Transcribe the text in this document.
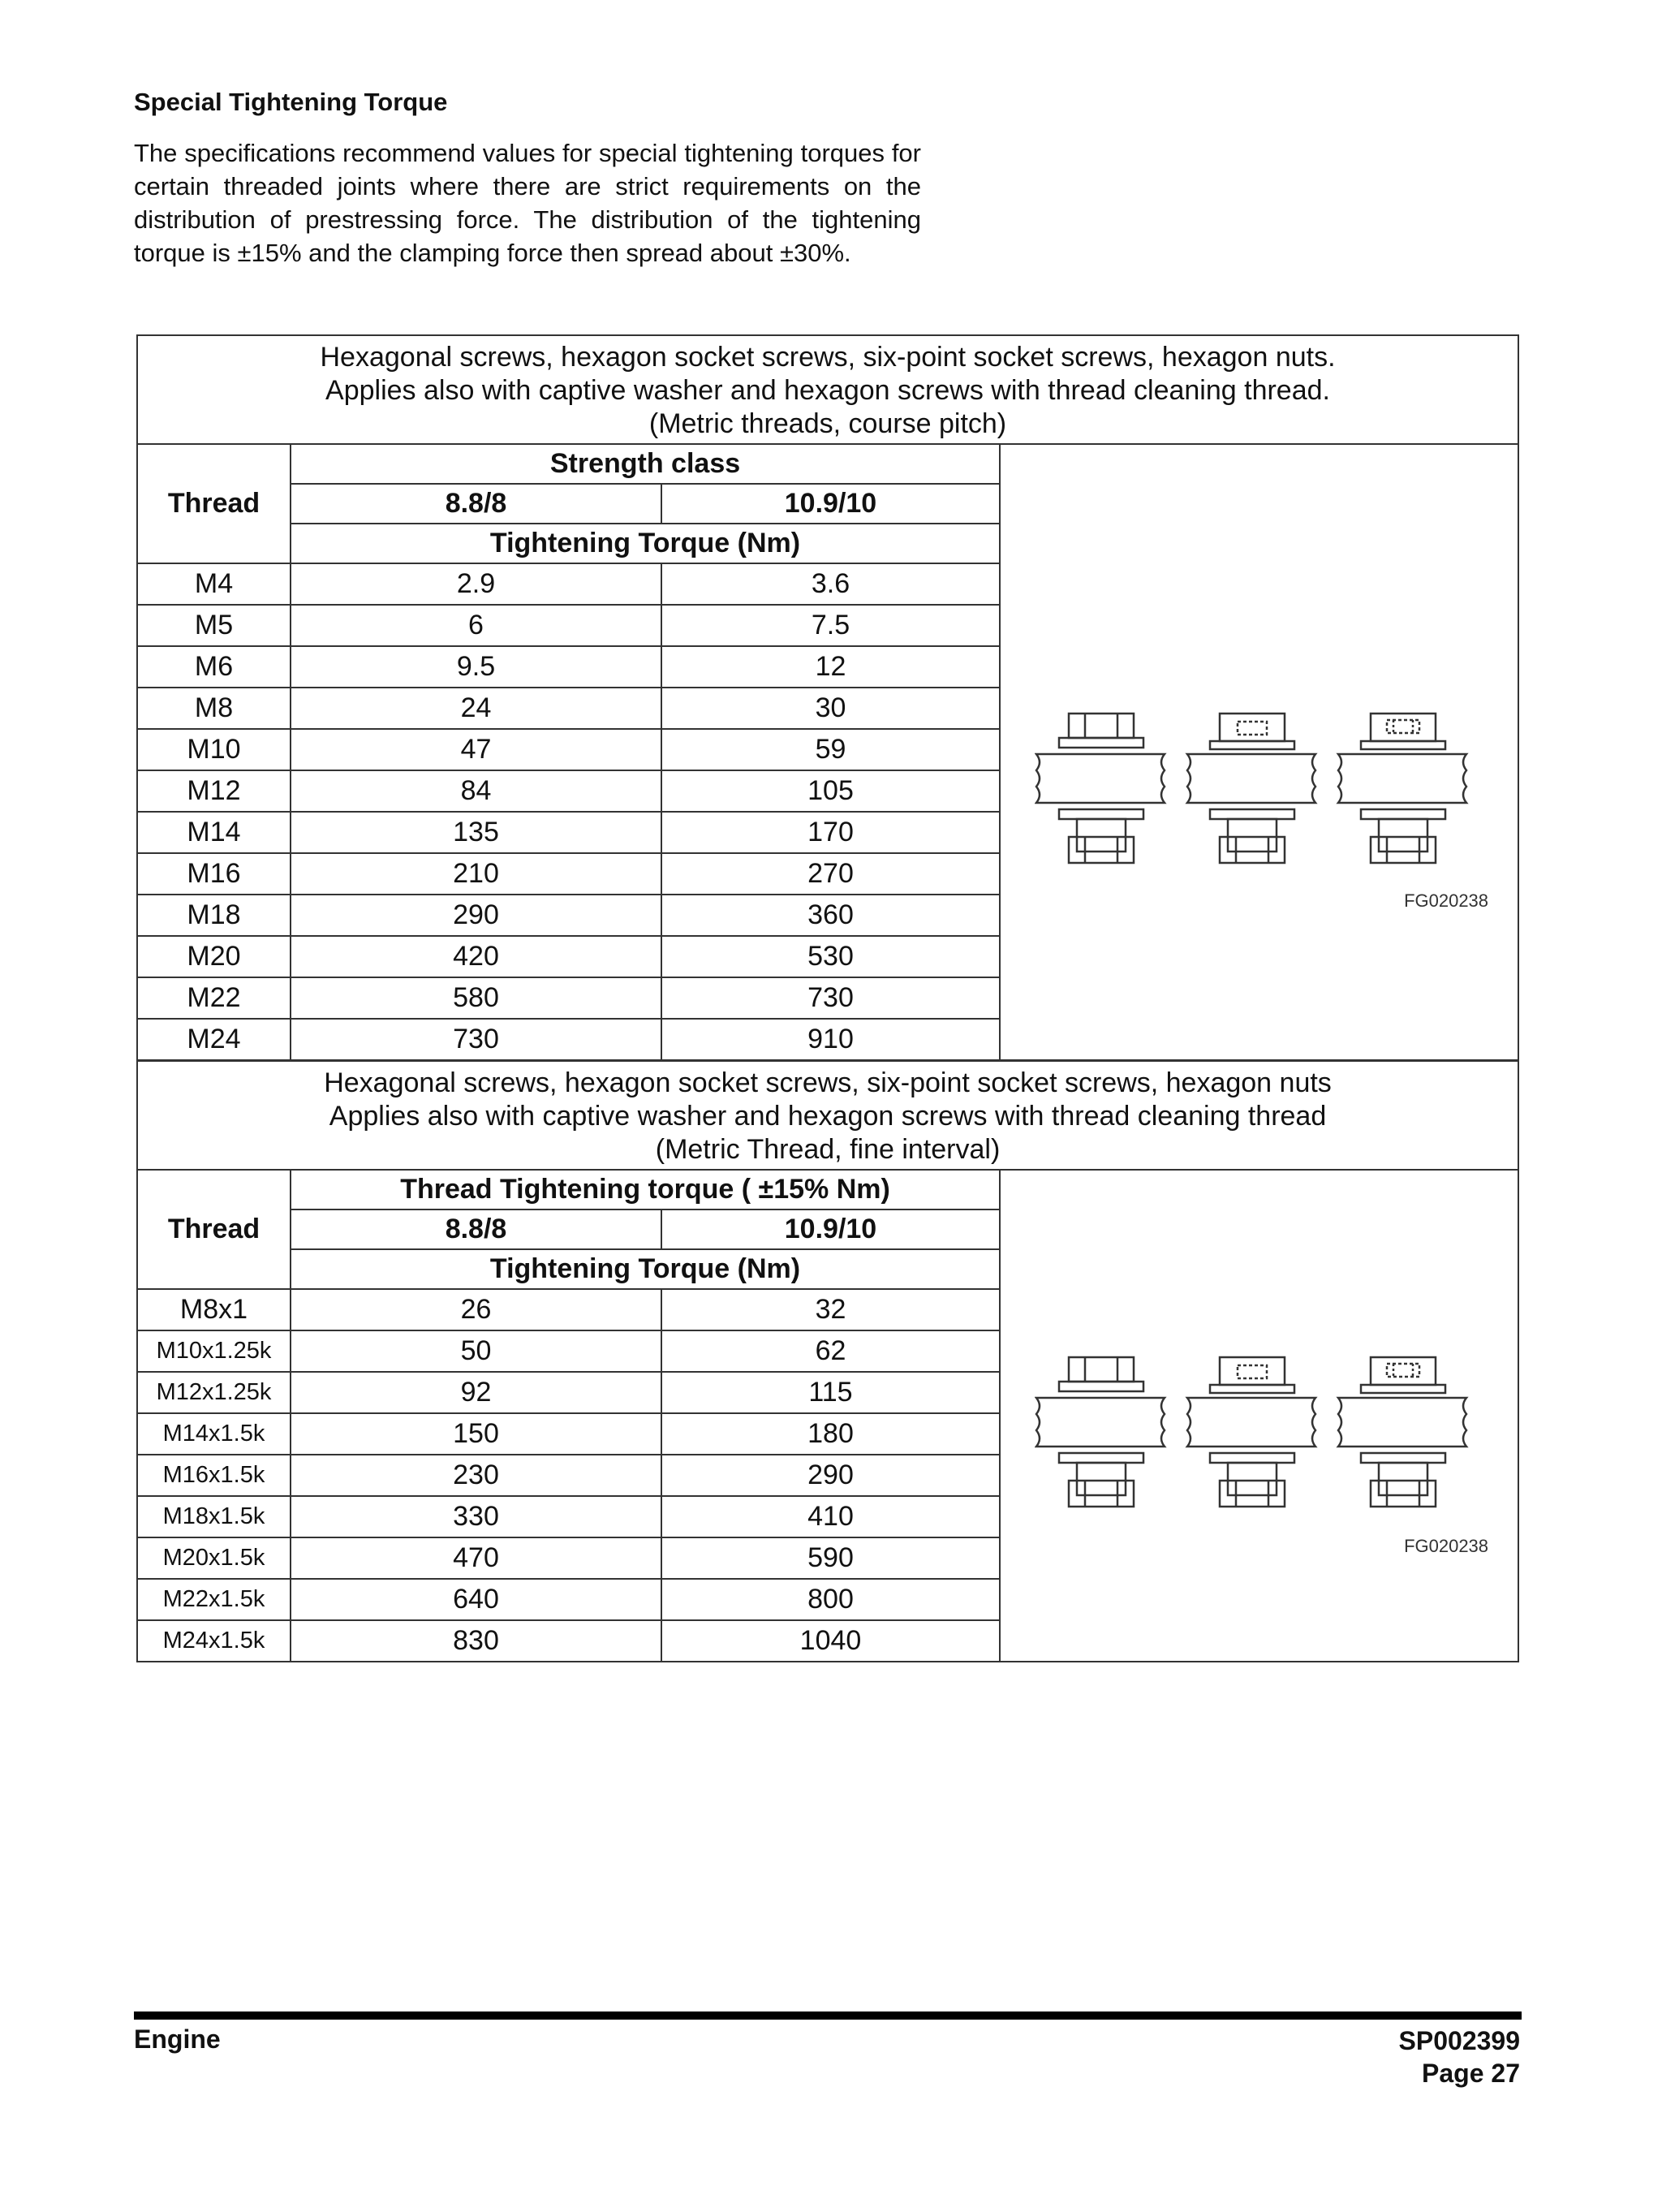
Special Tightening Torque

The specifications recommend values for special tightening torques for certain threaded joints where there are strict requirements on the distribution of prestressing force. The distribution of the tightening torque is ±15% and the clamping force then spread about ±30%.

Hexagonal screws, hexagon socket screws, six-point socket screws, hexagon nuts.
Applies also with captive washer and hexagon screws with thread cleaning thread.
(Metric threads, course pitch)			

Thread	Strength class		FG020238

	8.8/8	10.9/10	
	Tightening Torque (Nm)		
M4	2.9	3.6	
M5	6	7.5	
M6	9.5	12	
M8	24	30	
M10	47	59	
M12	84	105	
M14	135	170	
M16	210	270	
M18	290	360	
M20	420	530	
M22	580	730	
M24	730	910	
Hexagonal screws, hexagon socket screws, six-point socket screws, hexagon nuts
Applies also with captive washer and hexagon screws with thread cleaning thread
(Metric Thread, fine interval)			

Thread	Thread Tightening torque ( ±15% Nm)		FG020238

	8.8/8	10.9/10	
	Tightening Torque (Nm)		
M8x1	26	32	
M10x1.25k	50	62	
M12x1.25k	92	115	
M14x1.5k	150	180	
M16x1.5k	230	290	
M18x1.5k	330	410	
M20x1.5k	470	590	
M22x1.5k	640	800	
M24x1.5k	830	1040	
Engine	SP002399
Page 27
